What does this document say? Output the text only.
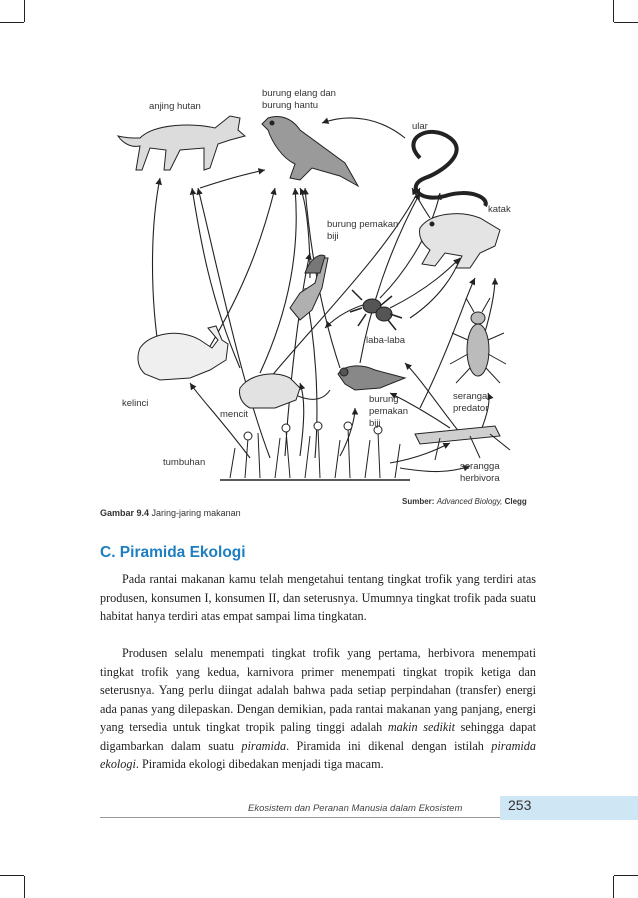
anjing hutan
burung elang dan
burung hantu
ular
katak
burung pemakan
biji
laba-laba
kelinci
mencit
burung
pemakan
biji
seranga
predator
tumbuhan	serangga
herbivora
Sumber: Advanced Biology, Clegg
Gambar 9.4 Jaring-jaring makanan
C. Piramida Ekologi

Pada rantai makanan kamu telah mengetahui tentang tingkat trofik yang terdiri atas produsen, konsumen I, konsumen II, dan seterusnya. Umumnya tingkat trofik pada suatu habitat hanya terdiri atas empat sampai lima tingkatan.

Produsen selalu menempati tingkat trofik yang pertama, herbivora menempati tingkat trofik yang kedua, karnivora primer menempati tingkat tropik ketiga dan seterusnya. Yang perlu diingat adalah bahwa pada setiap perpindahan (transfer) energi ada panas yang dilepaskan. Dengan demikian, pada rantai makanan yang panjang, energi yang tersedia untuk tingkat tropik paling tinggi adalah makin sedikit sehingga dapat digambarkan dalam suatu piramida. Piramida ini dikenal dengan istilah piramida ekologi. Piramida ekologi dibedakan menjadi tiga macam.

Ekosistem dan Peranan Manusia dalam Ekosistem	253
